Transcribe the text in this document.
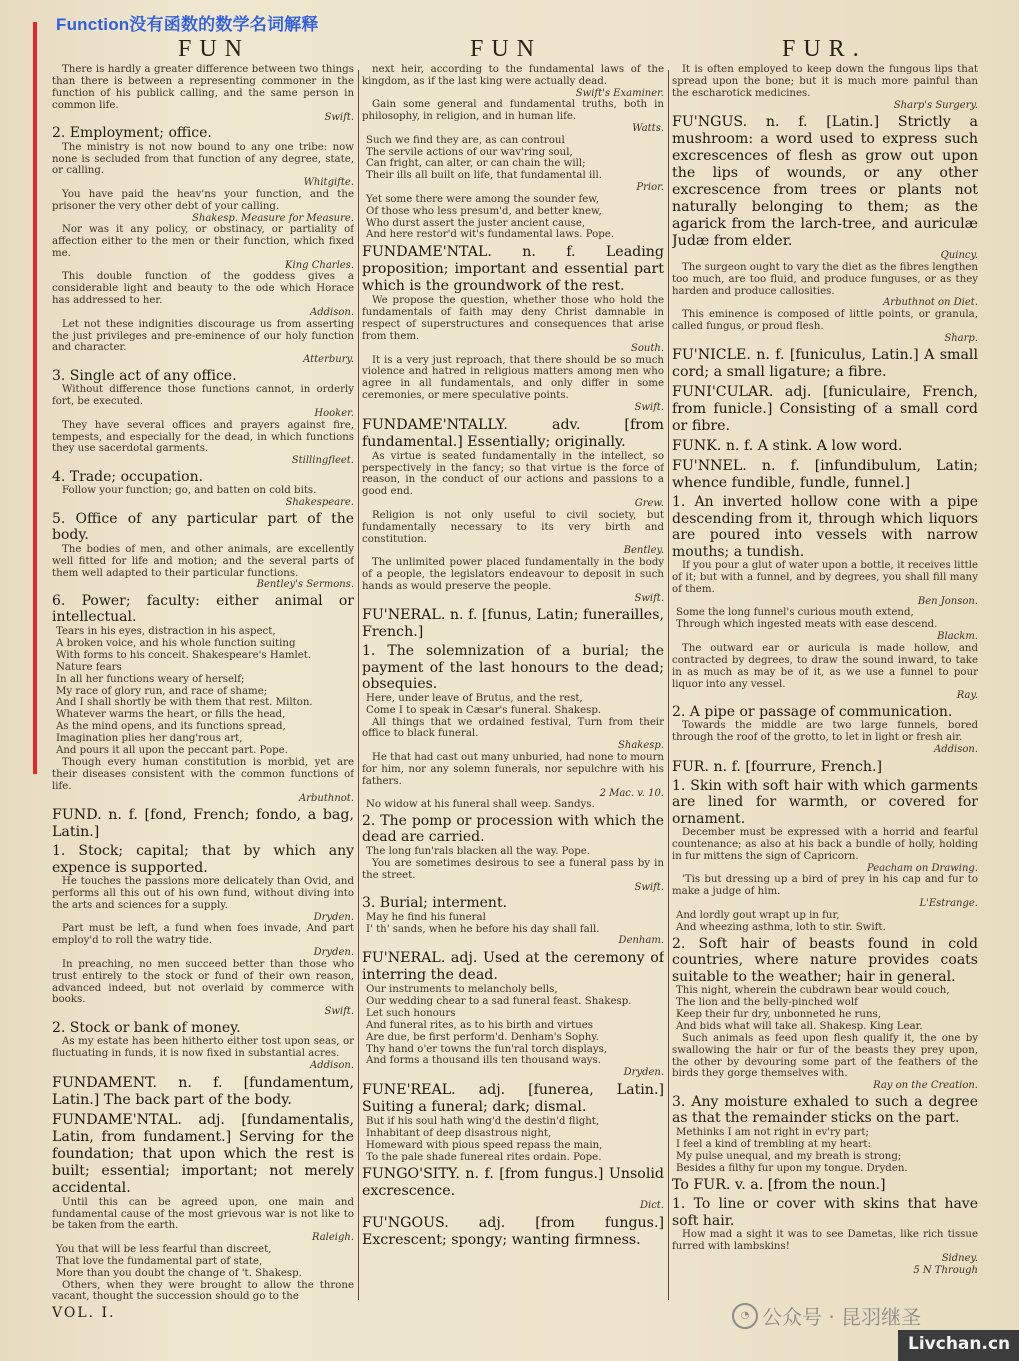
Function没有函数的数学名词解释
FUN	FUN	FUR.

There is hardly a greater difference between two things than there is between a representing commoner in the function of his publick calling, and the same person in common life.

Swift.

2. Employment; office.

The ministry is not now bound to any one tribe: now none is secluded from that function of any degree, state, or calling.

Whitgifte.

You have paid the heav'ns your function, and the prisoner the very other debt of your calling.

Shakesp. Measure for Measure.

Nor was it any policy, or obstinacy, or partiality of affection either to the men or their function, which fixed me.

King Charles.

This double function of the goddess gives a considerable light and beauty to the ode which Horace has addressed to her.

Addison.

Let not these indignities discourage us from asserting the just privileges and pre-eminence of our holy function and character.

Atterbury.

3. Single act of any office.

Without difference those functions cannot, in orderly fort, be executed.

Hooker.

They have several offices and prayers against fire, tempests, and especially for the dead, in which functions they use sacerdotal garments.

Stillingfleet.

4. Trade; occupation.

Follow your function; go, and batten on cold bits.

Shakespeare.

5. Office of any particular part of the body.

The bodies of men, and other animals, are excellently well fitted for life and motion; and the several parts of them well adapted to their particular functions.

Bentley's Sermons.

6. Power; faculty: either animal or intellectual.

Tears in his eyes, distraction in his aspect,

A broken voice, and his whole function suiting

With forms to his conceit. Shakespeare's Hamlet.

Nature fears

In all her functions weary of herself;

My race of glory run, and race of shame;

And I shall shortly be with them that rest. Milton.

Whatever warms the heart, or fills the head,

As the mind opens, and its functions spread,

Imagination plies her dang'rous art,

And pours it all upon the peccant part. Pope.

Though every human constitution is morbid, yet are their diseases consistent with the common functions of life.

Arbuthnot.

FUND. n. f. [fond, French; fondo, a bag, Latin.]

1. Stock; capital; that by which any expence is supported.

He touches the passions more delicately than Ovid, and performs all this out of his own fund, without diving into the arts and sciences for a supply.

Dryden.

Part must be left, a fund when foes invade, And part employ'd to roll the watry tide.

Dryden.

In preaching, no men succeed better than those who trust entirely to the stock or fund of their own reason, advanced indeed, but not overlaid by commerce with books.

Swift.

2. Stock or bank of money.

As my estate has been hitherto either tost upon seas, or fluctuating in funds, it is now fixed in substantial acres.

Addison.

FUNDAMENT. n. f. [fundamentum, Latin.] The back part of the body.

FUNDAME'NTAL. adj. [fundamentalis, Latin, from fundament.] Serving for the foundation; that upon which the rest is built; essential; important; not merely accidental.

Until this can be agreed upon, one main and fundamental cause of the most grievous war is not like to be taken from the earth.

Raleigh.

You that will be less fearful than discreet,

That love the fundamental part of state,

More than you doubt the change of 't. Shakesp.

Others, when they were brought to allow the throne vacant, thought the succession should go to the

VOL. I.

next heir, according to the fundamental laws of the kingdom, as if the last king were actually dead.

Swift's Examiner.

Gain some general and fundamental truths, both in philosophy, in religion, and in human life.

Watts.

Such we find they are, as can controul

The servile actions of our wav'ring soul,

Can fright, can alter, or can chain the will;

Their ills all built on life, that fundamental ill.

Prior.

Yet some there were among the sounder few,

Of those who less presum'd, and better knew,

Who durst assert the juster ancient cause,

And here restor'd wit's fundamental laws. Pope.

FUNDAME'NTAL. n. f. Leading proposition; important and essential part which is the groundwork of the rest.

We propose the question, whether those who hold the fundamentals of faith may deny Christ damnable in respect of superstructures and consequences that arise from them.

South.

It is a very just reproach, that there should be so much violence and hatred in religious matters among men who agree in all fundamentals, and only differ in some ceremonies, or mere speculative points.

Swift.

FUNDAME'NTALLY. adv. [from fundamental.] Essentially; originally.

As virtue is seated fundamentally in the intellect, so perspectively in the fancy; so that virtue is the force of reason, in the conduct of our actions and passions to a good end.

Grew.

Religion is not only useful to civil society, but fundamentally necessary to its very birth and constitution.

Bentley.

The unlimited power placed fundamentally in the body of a people, the legislators endeavour to deposit in such hands as would preserve the people.

Swift.

FU'NERAL. n. f. [funus, Latin; funerailles, French.]

1. The solemnization of a burial; the payment of the last honours to the dead; obsequies.

Here, under leave of Brutus, and the rest,

Come I to speak in Cæsar's funeral. Shakesp.

All things that we ordained festival, Turn from their office to black funeral.

Shakesp.

He that had cast out many unburied, had none to mourn for him, nor any solemn funerals, nor sepulchre with his fathers.

2 Mac. v. 10.

No widow at his funeral shall weep. Sandys.

2. The pomp or procession with which the dead are carried.

The long fun'rals blacken all the way. Pope.

You are sometimes desirous to see a funeral pass by in the street.

Swift.

3. Burial; interment.

May he find his funeral

I' th' sands, when he before his day shall fall.

Denham.

FU'NERAL. adj. Used at the ceremony of interring the dead.

Our instruments to melancholy bells,

Our wedding chear to a sad funeral feast. Shakesp.

Let such honours

And funeral rites, as to his birth and virtues

Are due, be first perform'd. Denham's Sophy.

Thy hand o'er towns the fun'ral torch displays,

And forms a thousand ills ten thousand ways.

Dryden.

FUNE'REAL. adj. [funerea, Latin.] Suiting a funeral; dark; dismal.

But if his soul hath wing'd the destin'd flight,

Inhabitant of deep disastrous night,

Homeward with pious speed repass the main,

To the pale shade funereal rites ordain. Pope.

FUNGO'SITY. n. f. [from fungus.] Unsolid excrescence.

Dict.

FU'NGOUS. adj. [from fungus.] Excrescent; spongy; wanting firmness.

It is often employed to keep down the fungous lips that spread upon the bone; but it is much more painful than the escharotick medicines.

Sharp's Surgery.

FU'NGUS. n. f. [Latin.] Strictly a mushroom: a word used to express such excrescences of flesh as grow out upon the lips of wounds, or any other excrescence from trees or plants not naturally belonging to them; as the agarick from the larch-tree, and auriculæ Judæ from elder.

Quincy.

The surgeon ought to vary the diet as the fibres lengthen too much, are too fluid, and produce funguses, or as they harden and produce callosities.

Arbuthnot on Diet.

This eminence is composed of little points, or granula, called fungus, or proud flesh.

Sharp.

FU'NICLE. n. f. [funiculus, Latin.] A small cord; a small ligature; a fibre.

FUNI'CULAR. adj. [funiculaire, French, from funicle.] Consisting of a small cord or fibre.

FUNK. n. f. A stink. A low word.

FU'NNEL. n. f. [infundibulum, Latin; whence fundible, fundle, funnel.]

1. An inverted hollow cone with a pipe descending from it, through which liquors are poured into vessels with narrow mouths; a tundish.

If you pour a glut of water upon a bottle, it receives little of it; but with a funnel, and by degrees, you shall fill many of them.

Ben Jonson.

Some the long funnel's curious mouth extend,

Through which ingested meats with ease descend.

Blackm.

The outward ear or auricula is made hollow, and contracted by degrees, to draw the sound inward, to take in as much as may be of it, as we use a funnel to pour liquor into any vessel.

Ray.

2. A pipe or passage of communication.

Towards the middle are two large funnels, bored through the roof of the grotto, to let in light or fresh air.

Addison.

FUR. n. f. [fourrure, French.]

1. Skin with soft hair with which garments are lined for warmth, or covered for ornament.

December must be expressed with a horrid and fearful countenance; as also at his back a bundle of holly, holding in fur mittens the sign of Capricorn.

Peacham on Drawing.

'Tis but dressing up a bird of prey in his cap and fur to make a judge of him.

L'Estrange.

And lordly gout wrapt up in fur,

And wheezing asthma, loth to stir. Swift.

2. Soft hair of beasts found in cold countries, where nature provides coats suitable to the weather; hair in general.

This night, wherein the cubdrawn bear would couch,

The lion and the belly-pinched wolf

Keep their fur dry, unbonneted he runs,

And bids what will take all. Shakesp. King Lear.

Such animals as feed upon flesh qualify it, the one by swallowing the hair or fur of the beasts they prey upon, the other by devouring some part of the feathers of the birds they gorge themselves with.

Ray on the Creation.

3. Any moisture exhaled to such a degree as that the remainder sticks on the part.

Methinks I am not right in ev'ry part;

I feel a kind of trembling at my heart:

My pulse unequal, and my breath is strong;

Besides a filthy fur upon my tongue. Dryden.

To FUR. v. a. [from the noun.]

1. To line or cover with skins that have soft hair.

How mad a sight it was to see Dametas, like rich tissue furred with lambskins!

Sidney.

5 N Through

◔ 公众号 · 昆羽继圣
Livchan.cn
